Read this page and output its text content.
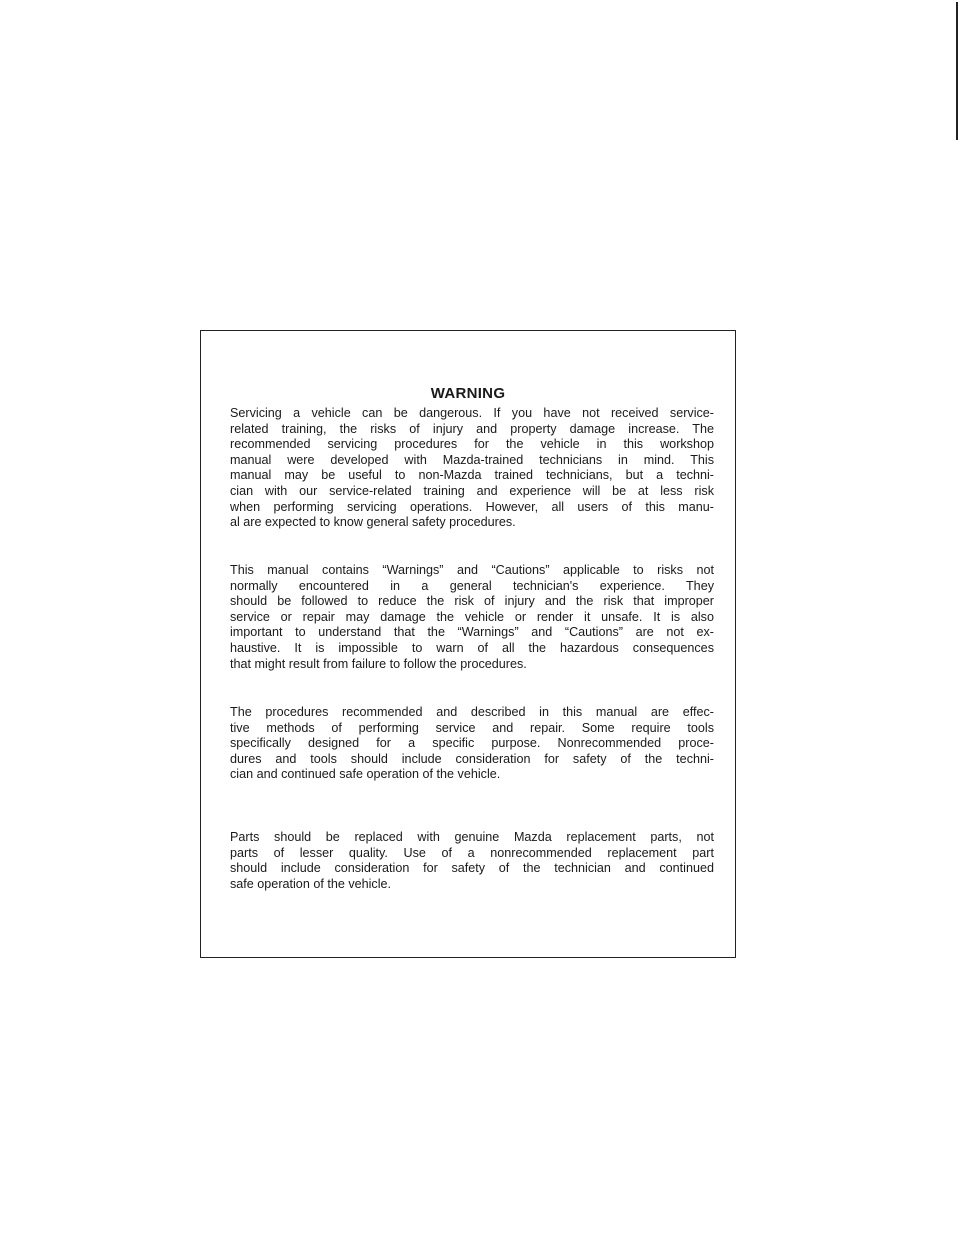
WARNING
Servicing a vehicle can be dangerous. If you have not received service-
related training, the risks of injury and property damage increase. The
recommended servicing procedures for the vehicle in this workshop
manual were developed with Mazda-trained technicians in mind. This
manual may be useful to non-Mazda trained technicians, but a techni-
cian with our service-related training and experience will be at less risk
when performing servicing operations. However, all users of this manu-
al are expected to know general safety procedures.
This manual contains “Warnings” and “Cautions” applicable to risks not
normally encountered in a general technician's experience. They
should be followed to reduce the risk of injury and the risk that improper
service or repair may damage the vehicle or render it unsafe. It is also
important to understand that the “Warnings” and “Cautions” are not ex-
haustive. It is impossible to warn of all the hazardous consequences
that might result from failure to follow the procedures.
The procedures recommended and described in this manual are effec-
tive methods of performing service and repair. Some require tools
specifically designed for a specific purpose. Nonrecommended proce-
dures and tools should include consideration for safety of the techni-
cian and continued safe operation of the vehicle.
Parts should be replaced with genuine Mazda replacement parts, not
parts of lesser quality. Use of a nonrecommended replacement part
should include consideration for safety of the technician and continued
safe operation of the vehicle.
